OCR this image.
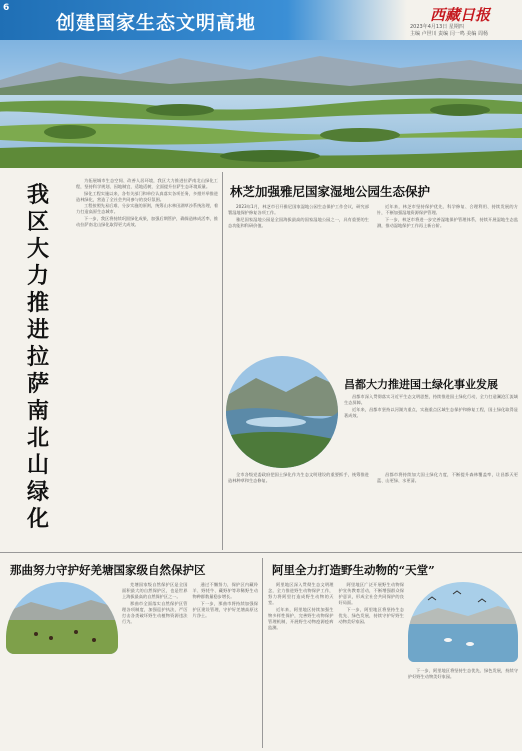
6
创建国家生态文明高地	西藏日报
2023年4月13日 星期四
主编 卢世川 责编 闫一鸣 美编 周杨
我
区
大
力
推
进
拉
萨
南
北
山
绿
化

为拓展城市生态空间、改善人居环境，我区大力推进拉萨南北山绿化工程，坚持科学规划、因地制宜、适地适树，全面提升拉萨生态环境质量。

绿化工程实施以来，各有关部门和单位认真落实各项任务，多措并举推进造林绿化，营造了全社会共同参与的良好氛围。

工程按照先易后难、分步实施的原则，统筹山水林田湖草沙系统治理，着力打造高原生态城市。

下一步，我区将持续巩固绿化成果，加强后期管护，确保造林成活率，推动拉萨南北山绿化取得更大成效。

林芝加强雅尼国家湿地公园生态保护

2023年1月，林芝市召开雅尼国家湿地公园生态保护工作会议，研究部署湿地保护修复各项工作。

雅尼国家湿地公园是全国海拔最高的国家湿地公园之一，具有重要的生态功能和科研价值。

近年来，林芝市坚持保护优先、科学修复、合理利用、持续发展的方针，不断加强湿地资源保护管理。

下一步，林芝市将进一步完善湿地保护管理体系，持续开展湿地生态监测，推动湿地保护工作再上新台阶。

昌都大力推进国土绿化事业发展

昌都市深入贯彻落实习近平生态文明思想，持续推进国土绿化行动，全力打造澜沧江流域生态屏障。

近年来，昌都市坚持以河湖为重点，实施重点区域生态保护和修复工程，国土绿化取得显著成效。

全市各级党委政府把国土绿化作为生态文明建设的重要抓手，统筹推进造林种草和生态修复。

昌都市将持续加大国土绿化力度，不断提升森林覆盖率，让昌都天更蓝、山更绿、水更清。

那曲努力守护好羌塘国家级自然保护区

羌塘国家级自然保护区是全国面积最大的自然保护区，也是世界上海拔最高的自然保护区之一。

那曲市全面落实自然保护区管理各项制度，加强巡护执法，严厉打击各类破坏野生动植物资源违法行为。

通过不懈努力，保护区内藏羚羊、野牦牛、藏野驴等珍稀野生动物种群数量稳步增长。

下一步，那曲市将持续加强保护区建设管理，守护好羌塘高原这片净土。

阿里全力打造野生动物的“天堂”

阿里地区深入贯彻生态文明理念，全力推进野生动物保护工作，努力将阿里打造成野生动物的天堂。

近年来，阿里地区持续加强生物多样性保护，完善野生动物保护管理机制，开展野生动物疫源疫病监测。

阿里地区广泛开展野生动物保护宣传教育活动，不断增强群众保护意识，形成全社会共同保护的良好局面。

下一步，阿里地区将坚持生态优先、绿色发展，持续守护好野生动物美好家园。

下一步，阿里地区将坚持生态优先、绿色发展，持续守护好野生动物美好家园。
